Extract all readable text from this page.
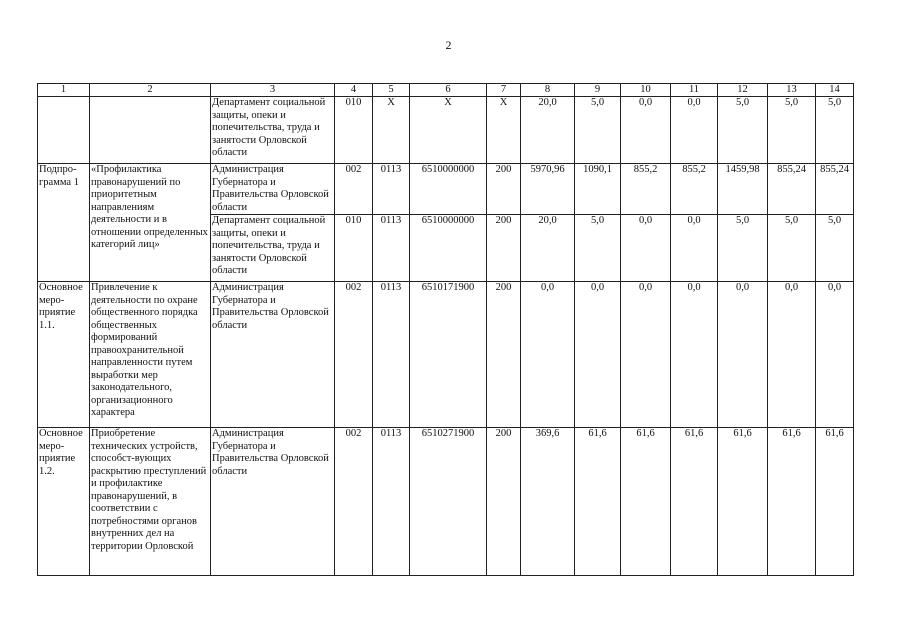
2
1	2	3	4	5	6	7	8	9	10	11	12	13	14
		Департамент социальной защиты, опеки и попечительства, труда и занятости Орловской области	010	Х	Х	Х	20,0	5,0	0,0	0,0	5,0	5,0	5,0
Подпро-грамма 1	«Профилактика правонарушений по приоритетным направлениям деятельности и в отношении определенных категорий лиц»	Администрация Губернатора и Правительства Орловской области	002	0113	6510000000	200	5970,96	1090,1	855,2	855,2	1459,98	855,24	855,24
		Департамент социальной защиты, опеки и попечительства, труда и занятости Орловской области	010	0113	6510000000	200	20,0	5,0	0,0	0,0	5,0	5,0	5,0
Основное меро-приятие 1.1.	Привлечение к деятельности по охране общественного порядка общественных формирований правоохранительной направленности путем выработки мер законодательного, организационного характера	Администрация Губернатора и Правительства Орловской области	002	0113	6510171900	200	0,0	0,0	0,0	0,0	0,0	0,0	0,0
Основное меро-приятие 1.2.	Приобретение технических устройств, способст-вующих раскрытию преступлений и профилактике правонарушений, в соответствии с потребностями органов внутренних дел на территории Орловской	Администрация Губернатора и Правительства Орловской области	002	0113	6510271900	200	369,6	61,6	61,6	61,6	61,6	61,6	61,6
